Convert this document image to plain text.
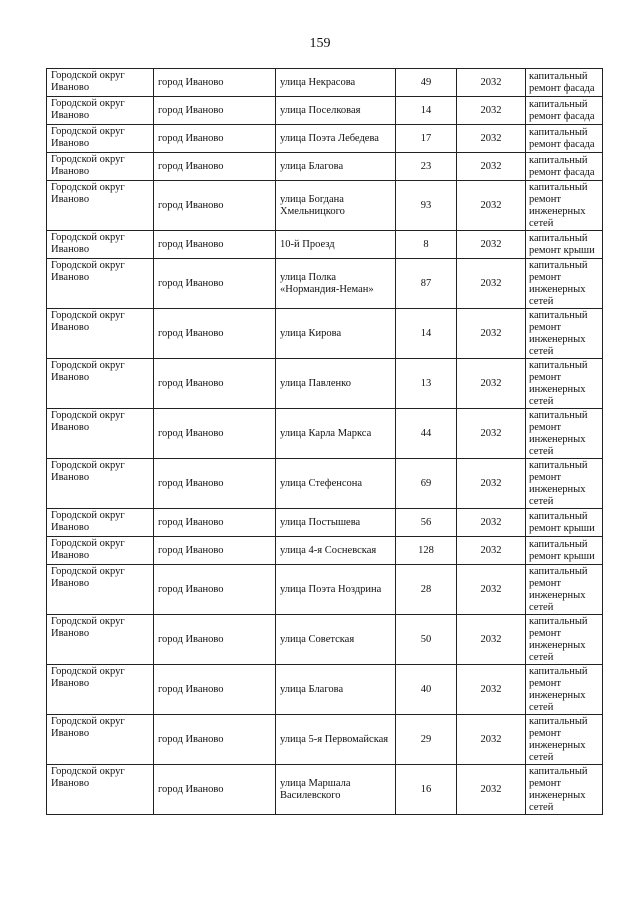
159
Городской округ Иваново	город Иваново	улица Некрасова	49	2032	капитальный ремонт фасада
Городской округ Иваново	город Иваново	улица Поселковая	14	2032	капитальный ремонт фасада
Городской округ Иваново	город Иваново	улица Поэта Лебедева	17	2032	капитальный ремонт фасада
Городской округ Иваново	город Иваново	улица Благова	23	2032	капитальный ремонт фасада
Городской округ Иваново	город Иваново	улица Богдана Хмельницкого	93	2032	капитальный ремонт инженерных сетей
Городской округ Иваново	город Иваново	10-й Проезд	8	2032	капитальный ремонт крыши
Городской округ Иваново	город Иваново	улица Полка «Нормандия-Неман»	87	2032	капитальный ремонт инженерных сетей
Городской округ Иваново	город Иваново	улица Кирова	14	2032	капитальный ремонт инженерных сетей
Городской округ Иваново	город Иваново	улица Павленко	13	2032	капитальный ремонт инженерных сетей
Городской округ Иваново	город Иваново	улица Карла Маркса	44	2032	капитальный ремонт инженерных сетей
Городской округ Иваново	город Иваново	улица Стефенсона	69	2032	капитальный ремонт инженерных сетей
Городской округ Иваново	город Иваново	улица Постышева	56	2032	капитальный ремонт крыши
Городской округ Иваново	город Иваново	улица 4-я Сосневская	128	2032	капитальный ремонт крыши
Городской округ Иваново	город Иваново	улица Поэта Ноздрина	28	2032	капитальный ремонт инженерных сетей
Городской округ Иваново	город Иваново	улица Советская	50	2032	капитальный ремонт инженерных сетей
Городской округ Иваново	город Иваново	улица Благова	40	2032	капитальный ремонт инженерных сетей
Городской округ Иваново	город Иваново	улица 5-я Первомайская	29	2032	капитальный ремонт инженерных сетей
Городской округ Иваново	город Иваново	улица Маршала Василевского	16	2032	капитальный ремонт инженерных сетей
